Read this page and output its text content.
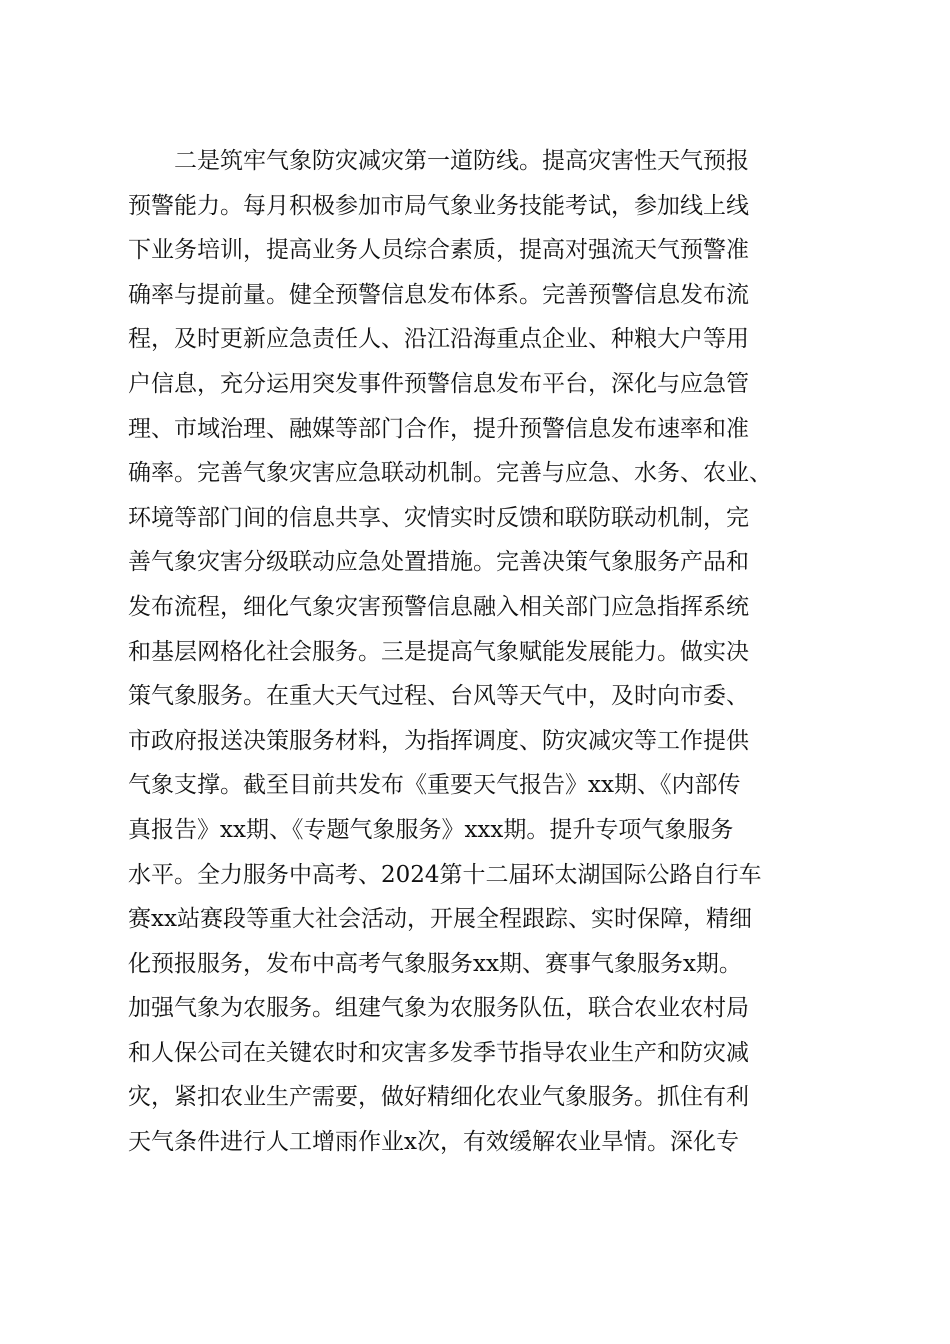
二是筑牢气象防灾减灾第一道防线。提高灾害性天气预报
预警能力。每月积极参加市局气象业务技能考试，参加线上线
下业务培训，提高业务人员综合素质，提高对强流天气预警准
确率与提前量。健全预警信息发布体系。完善预警信息发布流
程，及时更新应急责任人、沿江沿海重点企业、种粮大户等用
户信息，充分运用突发事件预警信息发布平台，深化与应急管
理、市域治理、融媒等部门合作，提升预警信息发布速率和准
确率。完善气象灾害应急联动机制。完善与应急、水务、农业、
环境等部门间的信息共享、灾情实时反馈和联防联动机制，完
善气象灾害分级联动应急处置措施。完善决策气象服务产品和
发布流程，细化气象灾害预警信息融入相关部门应急指挥系统
和基层网格化社会服务。三是提高气象赋能发展能力。做实决
策气象服务。在重大天气过程、台风等天气中，及时向市委、
市政府报送决策服务材料，为指挥调度、防灾减灾等工作提供
气象支撑。截至目前共发布《重要天气报告》xx期、《内部传
真报告》xx期、《专题气象服务》xxx期。提升专项气象服务
水平。全力服务中高考、2024第十二届环太湖国际公路自行车
赛xx站赛段等重大社会活动，开展全程跟踪、实时保障，精细
化预报服务，发布中高考气象服务xx期、赛事气象服务x期。
加强气象为农服务。组建气象为农服务队伍，联合农业农村局
和人保公司在关键农时和灾害多发季节指导农业生产和防灾减
灾，紧扣农业生产需要，做好精细化农业气象服务。抓住有利
天气条件进行人工增雨作业x次，有效缓解农业旱情。深化专
